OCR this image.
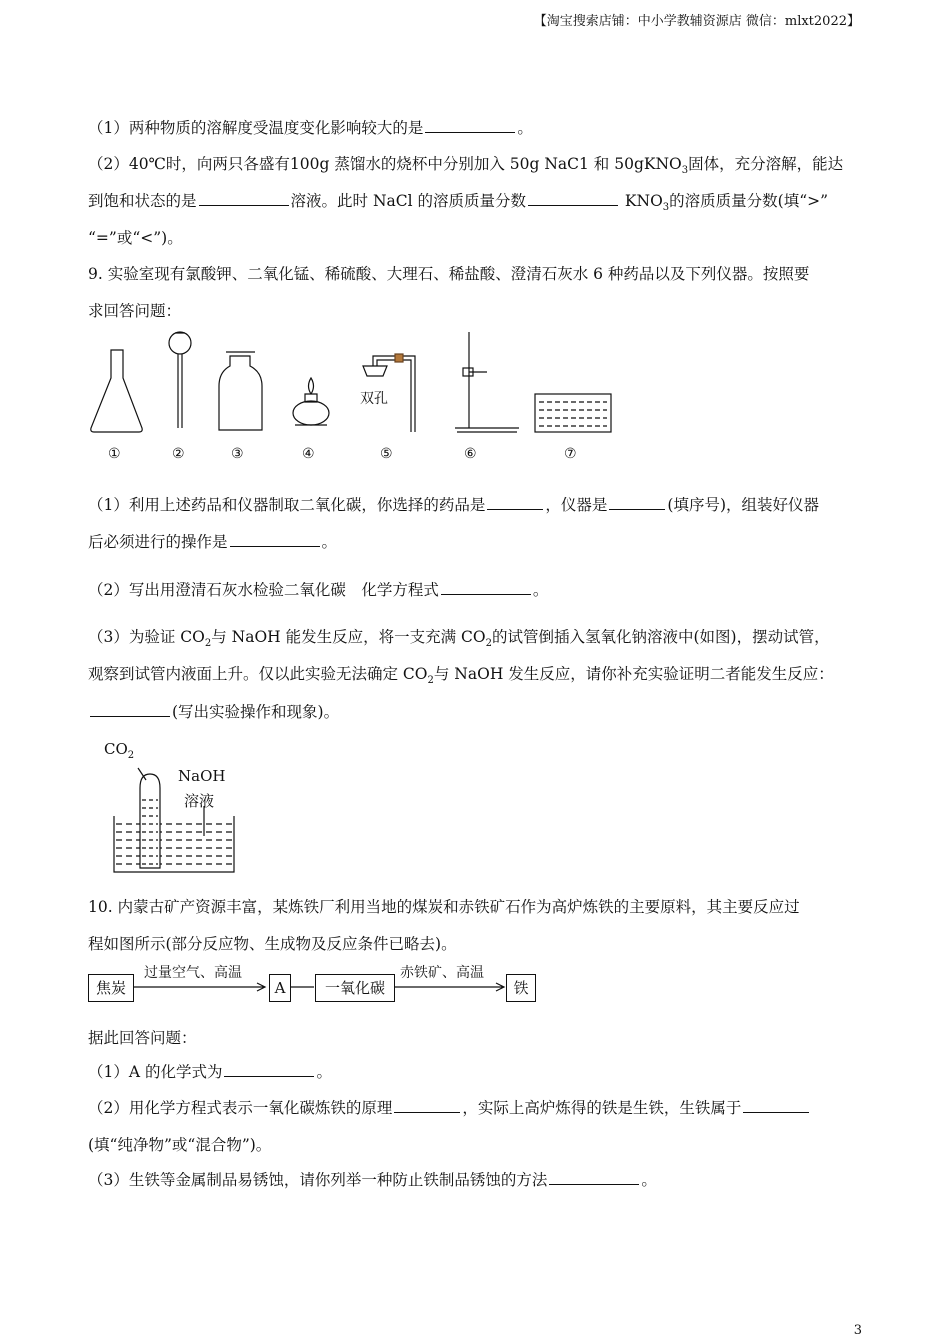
【淘宝搜索店铺：中小学教辅资源店 微信：mlxt2022】
（1）两种物质的溶解度受温度变化影响较大的是	。
（2）40℃时，向两只各盛有100g 蒸馏水的烧杯中分别加入 50g NaC1 和 50gKNO$_3$固体，充分溶解，能达
到饱和状态的是	溶液。此时 NaCl 的溶质质量分数	$KNO_3$的溶质质量分数(填“>”
“=”或“<”)。
9. 实验室现有氯酸钾、二氧化锰、稀硫酸、大理石、稀盐酸、澄清石灰水 6 种药品以及下列仪器。按照要
求回答问题：
双孔
①	②	③	④	⑤	⑥	⑦
（1）利用上述药品和仪器制取二氧化碳，你选择的药品是	，仪器是	(填序号)，组装好仪器
后必须进行的操作是	。
（2）写出用澄清石灰水检验二氧化碳　化学方程式	。
（3）为验证 $CO_2$与 NaOH 能发生反应，将一支充满 $CO_2$的试管倒插入氢氧化钠溶液中(如图)，摆动试管，
观察到试管内液面上升。仅以此实验无法确定 $CO_2$与 NaOH 发生反应，请你补充实验证明二者能发生反应：
(写出实验操作和现象)。
$CO_2$
NaOH
溶液
10. 内蒙古矿产资源丰富，某炼铁厂利用当地的煤炭和赤铁矿石作为高炉炼铁的主要原料，其主要反应过
程如图所示(部分反应物、生成物及反应条件已略去)。
焦炭
过量空气、高温
A	一氧化碳
赤铁矿、高温
铁
据此回答问题：
（1）A 的化学式为	。
（2）用化学方程式表示一氧化碳炼铁的原理	，实际上高炉炼得的铁是生铁，生铁属于
(填“纯净物”或“混合物”)。
（3）生铁等金属制品易锈蚀，请你列举一种防止铁制品锈蚀的方法	。
3
